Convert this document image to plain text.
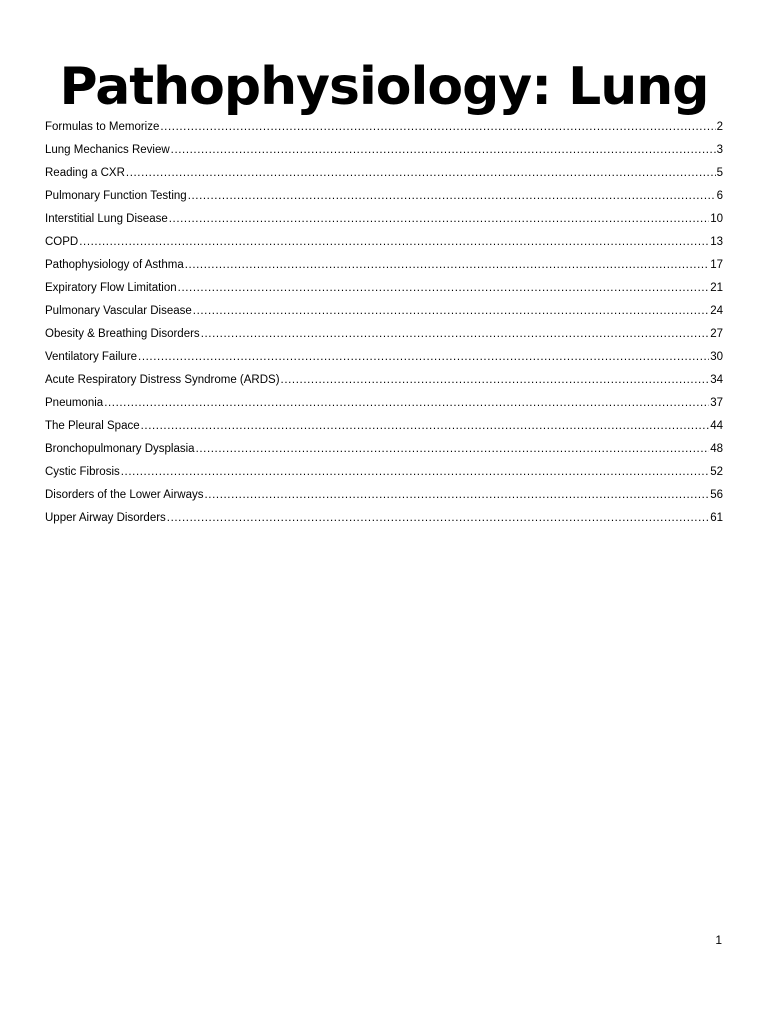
Pathophysiology: Lung
Formulas to Memorize .....	2
Lung Mechanics Review .....	3
Reading a CXR .....	5
Pulmonary Function Testing .....	6
Interstitial Lung Disease .....	10
COPD .....	13
Pathophysiology of Asthma .....	17
Expiratory Flow Limitation .....	21
Pulmonary Vascular Disease .....	24
Obesity & Breathing Disorders .....	27
Ventilatory Failure .....	30
Acute Respiratory Distress Syndrome (ARDS) .....	34
Pneumonia .....	37
The Pleural Space .....	44
Bronchopulmonary Dysplasia .....	48
Cystic Fibrosis .....	52
Disorders of the Lower Airways .....	56
Upper Airway Disorders .....	61
1
